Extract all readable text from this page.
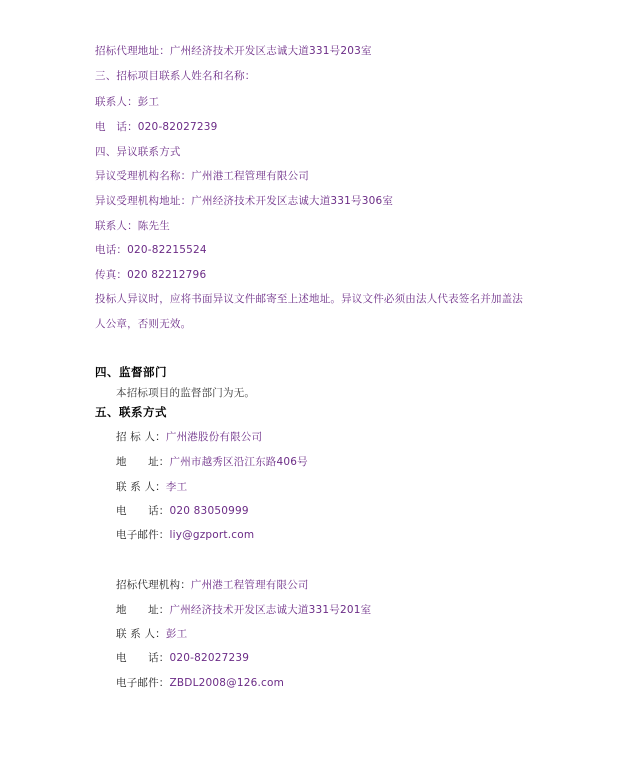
招标代理地址：广州经济技术开发区志诚大道331号203室
三、招标项目联系人姓名和名称：
联系人：彭工
电　话：020-82027239
四、异议联系方式
异议受理机构名称：广州港工程管理有限公司
异议受理机构地址：广州经济技术开发区志诚大道331号306室
联系人：陈先生
电话：020-82215524
传真：020 82212796
投标人异议时，应将书面异议文件邮寄至上述地址。异议文件必须由法人代表签名并加盖法
人公章，否则无效。
四、监督部门
本招标项目的监督部门为无。
五、联系方式
招 标 人：广州港股份有限公司
地　　址：广州市越秀区沿江东路406号
联 系 人：李工
电　　话：020 83050999
电子邮件：liy@gzport.com
招标代理机构：广州港工程管理有限公司
地　　址：广州经济技术开发区志诚大道331号201室
联 系 人：彭工
电　　话：020-82027239
电子邮件：ZBDL2008@126.com
